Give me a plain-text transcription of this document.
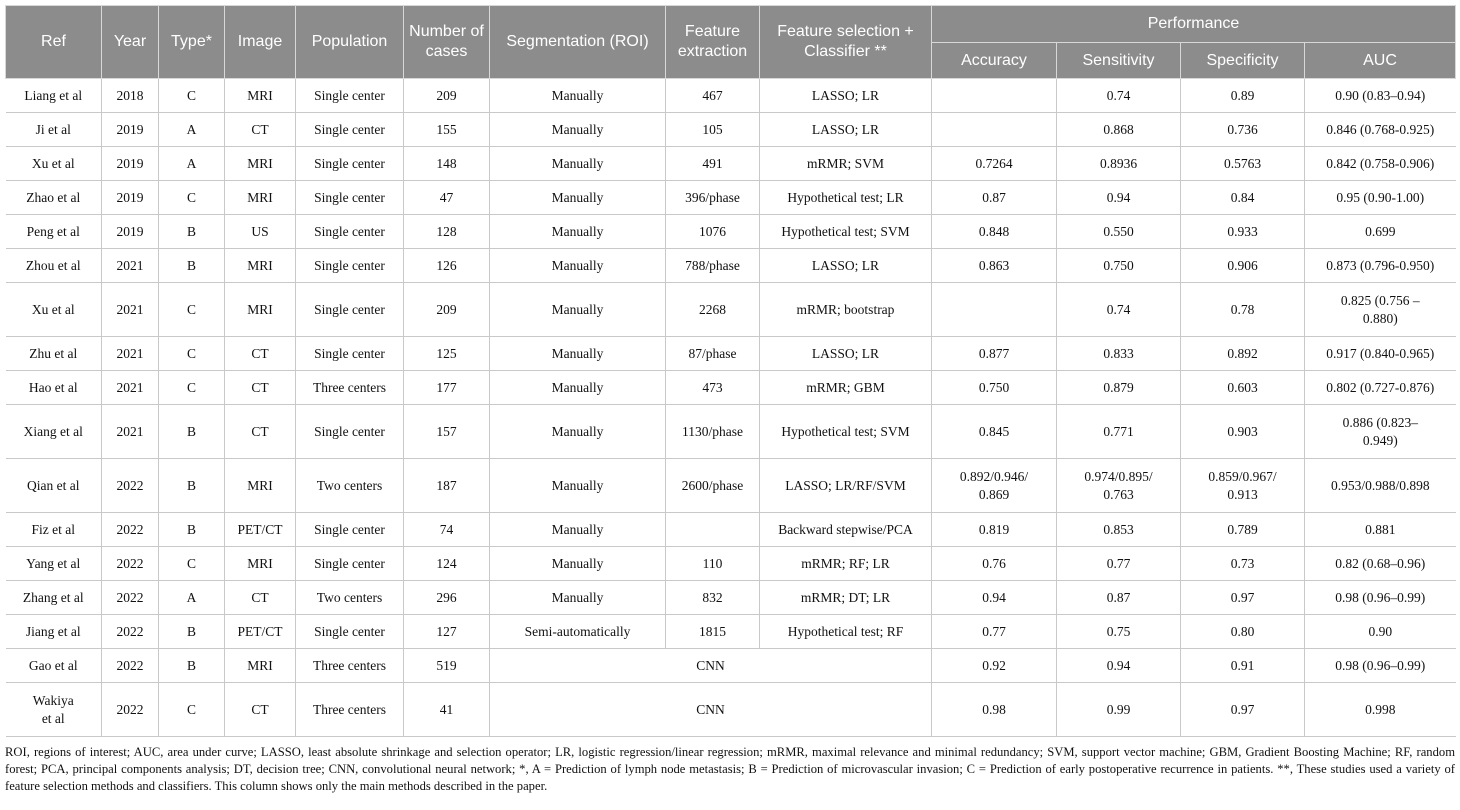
Ref	Year	Type*	Image	Population	Number of cases	Segmentation (ROI)	Feature extraction	Feature selection + Classifier **	Performance			
									Accuracy	Sensitivity	Specificity	AUC
Liang et al	2018	C	MRI	Single center	209	Manually	467	LASSO; LR		0.74	0.89	0.90 (0.83–0.94)
Ji et al	2019	A	CT	Single center	155	Manually	105	LASSO; LR		0.868	0.736	0.846 (0.768-0.925)
Xu et al	2019	A	MRI	Single center	148	Manually	491	mRMR; SVM	0.7264	0.8936	0.5763	0.842 (0.758-0.906)
Zhao et al	2019	C	MRI	Single center	47	Manually	396/phase	Hypothetical test; LR	0.87	0.94	0.84	0.95 (0.90-1.00)
Peng et al	2019	B	US	Single center	128	Manually	1076	Hypothetical test; SVM	0.848	0.550	0.933	0.699
Zhou et al	2021	B	MRI	Single center	126	Manually	788/phase	LASSO; LR	0.863	0.750	0.906	0.873 (0.796-0.950)
Xu et al	2021	C	MRI	Single center	209	Manually	2268	mRMR; bootstrap		0.74	0.78	0.825 (0.756 –0.880)
Zhu et al	2021	C	CT	Single center	125	Manually	87/phase	LASSO; LR	0.877	0.833	0.892	0.917 (0.840-0.965)
Hao et al	2021	C	CT	Three centers	177	Manually	473	mRMR; GBM	0.750	0.879	0.603	0.802 (0.727-0.876)
Xiang et al	2021	B	CT	Single center	157	Manually	1130/phase	Hypothetical test; SVM	0.845	0.771	0.903	0.886 (0.823–0.949)
Qian et al	2022	B	MRI	Two centers	187	Manually	2600/phase	LASSO; LR/RF/SVM	0.892/0.946/ 0.869	0.974/0.895/ 0.763	0.859/0.967/ 0.913	0.953/0.988/0.898
Fiz et al	2022	B	PET/CT	Single center	74	Manually		Backward stepwise/PCA	0.819	0.853	0.789	0.881
Yang et al	2022	C	MRI	Single center	124	Manually	110	mRMR; RF; LR	0.76	0.77	0.73	0.82 (0.68–0.96)
Zhang et al	2022	A	CT	Two centers	296	Manually	832	mRMR; DT; LR	0.94	0.87	0.97	0.98 (0.96–0.99)
Jiang et al	2022	B	PET/CT	Single center	127	Semi-automatically	1815	Hypothetical test; RF	0.77	0.75	0.80	0.90
Gao et al	2022	B	MRI	Three centers	519	CNN			0.92	0.94	0.91	0.98 (0.96–0.99)
Wakiya et al	2022	C	CT	Three centers	41	CNN			0.98	0.99	0.97	0.998
ROI, regions of interest; AUC, area under curve; LASSO, least absolute shrinkage and selection operator; LR, logistic regression/linear regression; mRMR, maximal relevance and minimal redundancy; SVM, support vector machine; GBM, Gradient Boosting Machine; RF, random forest; PCA, principal components analysis; DT, decision tree; CNN, convolutional neural network; *, A = Prediction of lymph node metastasis; B = Prediction of microvascular invasion; C = Prediction of early postoperative recurrence in patients. **, These studies used a variety of feature selection methods and classifiers. This column shows only the main methods described in the paper.
